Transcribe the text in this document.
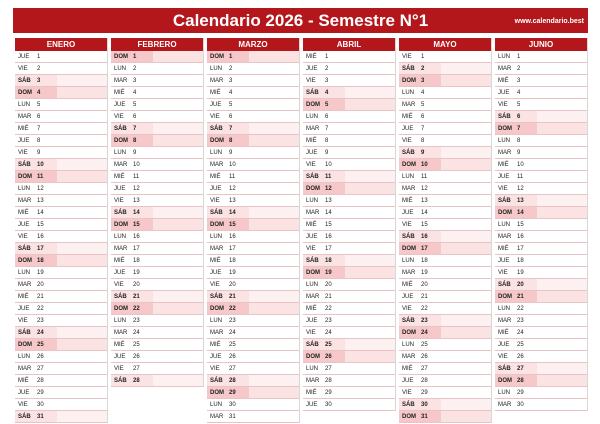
Calendario 2026 - Semestre N°1	www.calendario.best
ENERO
JUE	1
VIE	2
SÁB	3
DOM 4
LUN	5
MAR 6
MIÉ	7
JUE	8
VIE	9
SÁB	10
DOM 11
LUN	12
MAR 13
MIÉ	14
JUE	15
VIE	16
SÁB	17
DOM 18
LUN	19
MAR 20
MIÉ	21
JUE	22
VIE	23
SÁB	24
DOM 25
LUN	26
MAR 27
MIÉ	28
JUE	29
VIE	30
SÁB	31
FEBRERO
DOM 1
LUN	2
MAR 3
MIÉ	4
JUE	5
VIE	6
SÁB	7
DOM 8
LUN	9
MAR 10
MIÉ	11
JUE	12
VIE	13
SÁB	14
DOM 15
LUN	16
MAR 17
MIÉ	18
JUE	19
VIE	20
SÁB	21
DOM 22
LUN	23
MAR 24
MIÉ	25
JUE	26
VIE	27
SÁB	28
MARZO
DOM 1
LUN	2
MAR 3
MIÉ	4
JUE	5
VIE	6
SÁB	7
DOM 8
LUN	9
MAR 10
MIÉ	11
JUE	12
VIE	13
SÁB	14
DOM 15
LUN	16
MAR 17
MIÉ	18
JUE	19
VIE	20
SÁB	21
DOM 22
LUN	23
MAR 24
MIÉ	25
JUE	26
VIE	27
SÁB	28
DOM 29
LUN	30
MAR 31
ABRIL
MIÉ	1
JUE	2
VIE	3
SÁB	4
DOM 5
LUN	6
MAR 7
MIÉ	8
JUE	9
VIE	10
SÁB	11
DOM 12
LUN	13
MAR 14
MIÉ	15
JUE	16
VIE	17
SÁB	18
DOM 19
LUN	20
MAR 21
MIÉ	22
JUE	23
VIE	24
SÁB	25
DOM 26
LUN	27
MAR 28
MIÉ	29
JUE	30
MAYO
VIE	1
SÁB	2
DOM 3
LUN	4
MAR 5
MIÉ	6
JUE	7
VIE	8
SÁB	9
DOM 10
LUN	11
MAR 12
MIÉ	13
JUE	14
VIE	15
SÁB	16
DOM 17
LUN	18
MAR 19
MIÉ	20
JUE	21
VIE	22
SÁB	23
DOM 24
LUN	25
MAR 26
MIÉ	27
JUE	28
VIE	29
SÁB	30
DOM 31
JUNIO
LUN	1
MAR 2
MIÉ	3
JUE	4
VIE	5
SÁB	6
DOM 7
LUN	8
MAR 9
MIÉ	10
JUE	11
VIE	12
SÁB	13
DOM 14
LUN	15
MAR 16
MIÉ	17
JUE	18
VIE	19
SÁB	20
DOM 21
LUN	22
MAR 23
MIÉ	24
JUE	25
VIE	26
SÁB	27
DOM 28
LUN	29
MAR 30
